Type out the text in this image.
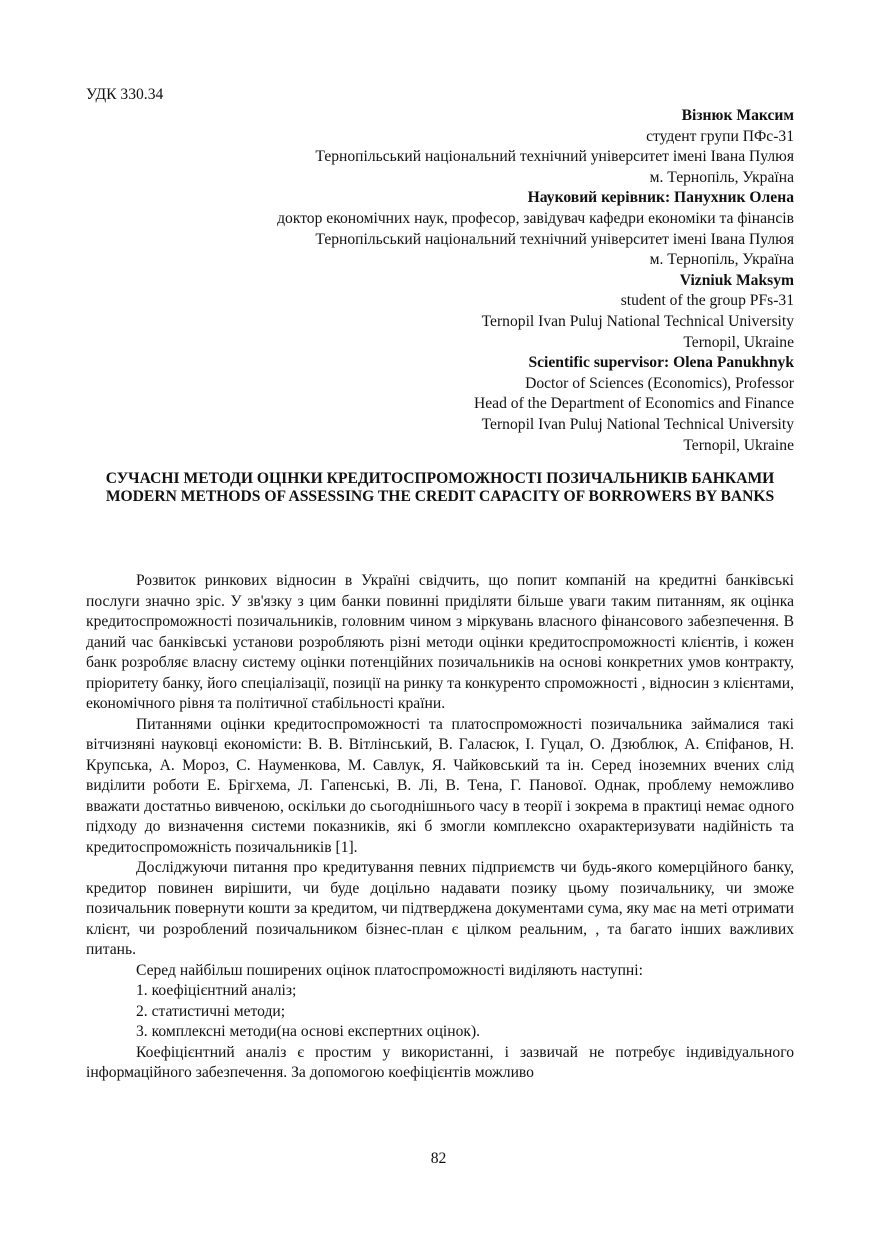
УДК 330.34
Візнюк Максим
студент групи ПФс-31
Тернопільський національний технічний університет імені Івана Пулюя
м. Тернопіль, Україна
Науковий керівник: Панухник Олена
доктор економічних наук, професор, завідувач кафедри економіки та фінансів
Тернопільський національний технічний університет імені Івана Пулюя
м. Тернопіль, Україна
Vizniuk Maksym
student of the group PFs-31
Ternopil Ivan Puluj National Technical University
Ternopil, Ukraine
Scientific supervisor: Olena Panukhnyk
Doctor of Sciences (Economics), Professor
Head of the Department of Economics and Finance
Ternopil Ivan Puluj National Technical University
Ternopil, Ukraine
СУЧАСНІ МЕТОДИ ОЦІНКИ КРЕДИТОСПРОМОЖНОСТІ ПОЗИЧАЛЬНИКІВ БАНКАМИ
MODERN METHODS OF ASSESSING THE CREDIT CAPACITY OF BORROWERS BY BANKS

Розвиток ринкових відносин в Україні свідчить, що попит компаній на кредитні банківські послуги значно зріс. У зв'язку з цим банки повинні приділяти більше уваги таким питанням, як оцінка кредитоспроможності позичальників, головним чином з міркувань власного фінансового забезпечення. В даний час банківські установи розробляють різні методи оцінки кредитоспроможності клієнтів, і кожен банк розробляє власну систему оцінки потенційних позичальників на основі конкретних умов контракту, пріоритету банку, його спеціалізації, позиції на ринку та конкуренто спроможності , відносин з клієнтами, економічного рівня та політичної стабільності країни.

Питаннями оцінки кредитоспроможності та платоспроможності позичальника займалися такі вітчизняні науковці економісти: В. В. Вітлінський, В. Галасюк, І. Гуцал, О. Дзюблюк, А. Єпіфанов, Н. Крупська, А. Мороз, С. Науменкова, М. Савлук, Я. Чайковський та ін. Серед іноземних вчених слід виділити роботи Е. Брігхема, Л. Гапенські, В. Лі, В. Тена, Г. Панової. Однак, проблему неможливо вважати достатньо вивченою, оскільки до сьогоднішнього часу в теорії і зокрема в практиці немає одного підходу до визначення системи показників, які б змогли комплексно охарактеризувати надійність та кредитоспроможність позичальників [1].

Досліджуючи питання про кредитування певних підприємств чи будь-якого комерційного банку, кредитор повинен вирішити, чи буде доцільно надавати позику цьому позичальнику, чи зможе позичальник повернути кошти за кредитом, чи підтверджена документами сума, яку має на меті отримати клієнт, чи розроблений позичальником бізнес-план є цілком реальним, , та багато інших важливих питань.

Серед найбільш поширених оцінок платоспроможності виділяють наступні:

1. коефіцієнтний аналіз;

2. статистичні методи;

3. комплексні методи(на основі експертних оцінок).

Коефіцієнтний аналіз є простим у використанні, і зазвичай не потребує індивідуального інформаційного забезпечення. За допомогою коефіцієнтів можливо

82
